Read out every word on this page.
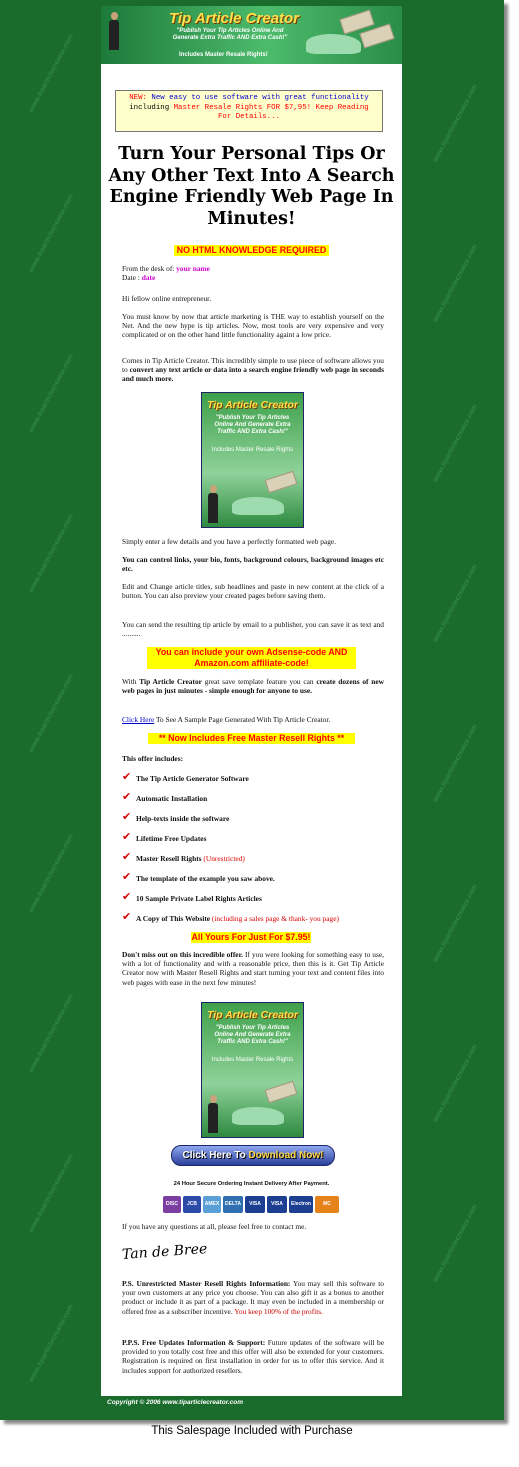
www.tiparticlecreator.com
www.tiparticlecreator.com
www.tiparticlecreator.com
www.tiparticlecreator.com
www.tiparticlecreator.com
www.tiparticlecreator.com
www.tiparticlecreator.com
www.tiparticlecreator.com
www.tiparticlecreator.com
www.tiparticlecreator.com
www.tiparticlecreator.com
www.tiparticlecreator.com
www.tiparticlecreator.com
www.tiparticlecreator.com
www.tiparticlecreator.com
www.tiparticlecreator.com
www.tiparticlecreator.com
Tip Article Creator
"Publish Your Tip Articles Online And Generate Extra Traffic AND Extra Cash!"
Includes Master Resale Rights!
NEW: New easy to use software with great functionality
including Master Resale Rights FOR $7,95! Keep Reading
For Details...
Turn Your Personal Tips Or Any Other Text Into A Search Engine Friendly Web Page In Minutes!
NO HTML KNOWLEDGE REQUIRED
From the desk of: your name
Date : date
Hi fellow online entrepreneur.
You must know by now that article marketing is THE way to establish yourself on the Net. And the new hype is tip articles. Now, most tools are very expensive and very complicated or on the other hand little functionality againt a low price.
Comes in Tip Article Creator. This incredibly simple to use piece of software allows you to convert any text article or data into a search engine friendly web page in seconds and much more.
Tip Article Creator
"Publish Your Tip Articles Online And Generate Extra Traffic AND Extra Cash!"
Includes Master Resale Rights
Simply enter a few details and you have a perfectly formatted web page.
You can control links, your bio, fonts, background colours, background images etc etc.
Edit and Change article titles, sub headlines and paste in new content at the click of a button. You can also preview your created pages before saving them.
You can send the resulting tip article by email to a publisher, you can save it as text and ..........
You can include your own Adsense-code AND Amazon.com affiliate-code!
With Tip Article Creator great save template feature you can create dozens of new web pages in just minutes - simple enough for anyone to use.
Click Here To See A Sample Page Generated With Tip Article Creator.
** Now Includes Free Master Resell Rights **
This offer includes:
✔ The Tip Article Generator Software
✔ Automatic Installation
✔ Help-texts inside the software
✔ Lifetime Free Updates
✔ Master Resell Rights (Unrestricted)
✔ The template of the example you saw above.
✔ 10 Sample Private Label Rights Articles
✔ A Copy of This Website (including a sales page & thank- you page)
All Yours For Just For $7.95!
Don't miss out on this incredible offer. If you were looking for something easy to use, with a lot of functionality and with a reasonable price, then this is it. Get Tip Article Creator now with Master Resell Rights and start turning your text and content files into web pages with ease in the next few minutes!
Tip Article Creator
"Publish Your Tip Articles Online And Generate Extra Traffic AND Extra Cash!"
Includes Master Resale Rights
Click Here To Download Now!
24 Hour Secure Ordering Instant Delivery After Payment.
DISC	JCB	AMEX	DELTA	VISA	VISA	Electron	MC
If you have any questions at all, please feel free to contact me.
Tan de Bree
P.S. Unrestricted Master Resell Rights Information: You may sell this software to your own customers at any price you choose. You can also gift it as a bonus to another product or include it as part of a package. It may even be included in a membership or offered free as a subscriber incentive. You keep 100% of the profits.
P.P.S. Free Updates Information & Support: Future updates of the software will be provided to you totally cost free and this offer will also be extended for your customers. Registration is required on first installation in order for us to offer this service. And it includes support for authorized resellers.
Copyright © 2006 www.tiparticlecreator.com
This Salespage Included with Purchase
